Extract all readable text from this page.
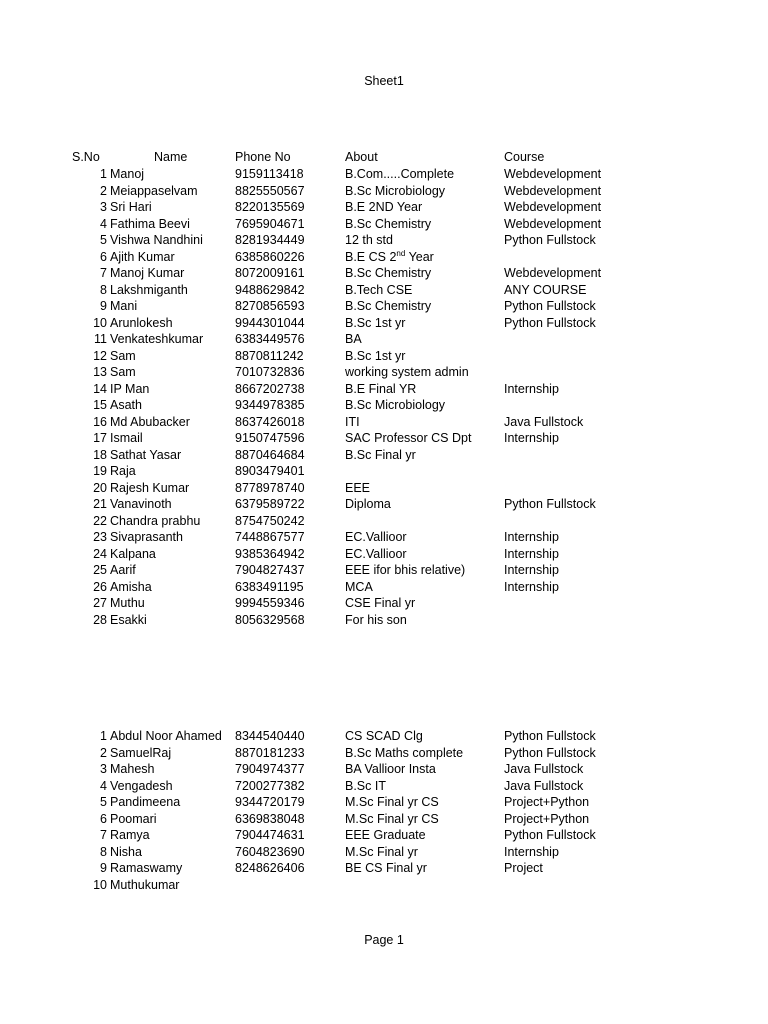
Sheet1
S.No	Name	Phone No	About	Course
1 Manoj	9159113418	B.Com.....Complete	Webdevelopment
2 Meiappaselvam	8825550567	B.Sc Microbiology	Webdevelopment
3 Sri Hari	8220135569	B.E 2ND Year	Webdevelopment
4 Fathima Beevi	7695904671	B.Sc Chemistry	Webdevelopment
5 Vishwa Nandhini	8281934449	12 th std	Python Fullstock
6 Ajith Kumar	6385860226	B.E CS 2nd Year
7 Manoj Kumar	8072009161	B.Sc Chemistry	Webdevelopment
8 Lakshmiganth	9488629842	B.Tech CSE	ANY COURSE
9 Mani	8270856593	B.Sc Chemistry	Python Fullstock
10 Arunlokesh	9944301044	B.Sc 1st yr	Python Fullstock
11 Venkateshkumar	6383449576	BA
12 Sam	8870811242	B.Sc 1st yr
13 Sam	7010732836	working system admin
14 IP Man	8667202738	B.E Final YR	Internship
15 Asath	9344978385	B.Sc Microbiology
16 Md Abubacker	8637426018	ITI	Java Fullstock
17 Ismail	9150747596	SAC Professor CS Dpt	Internship
18 Sathat Yasar	8870464684	B.Sc Final yr
19 Raja	8903479401
20 Rajesh Kumar	8778978740	EEE
21 Vanavinoth	6379589722	Diploma	Python Fullstock
22 Chandra prabhu	8754750242
23 Sivaprasanth	7448867577	EC.Vallioor	Internship
24 Kalpana	9385364942	EC.Vallioor	Internship
25 Aarif	7904827437	EEE ifor bhis relative)	Internship
26 Amisha	6383491195	MCA	Internship
27 Muthu	9994559346	CSE Final yr
28 Esakki	8056329568	For his son
1 Abdul Noor Ahamed 8344540440	CS SCAD Clg	Python Fullstock
2 SamuelRaj	8870181233	B.Sc Maths complete	Python Fullstock
3 Mahesh	7904974377	BA Vallioor Insta	Java Fullstock
4 Vengadesh	7200277382	B.Sc IT	Java Fullstock
5 Pandimeena	9344720179	M.Sc Final yr CS	Project+Python
6 Poomari	6369838048	M.Sc Final yr CS	Project+Python
7 Ramya	7904474631	EEE Graduate	Python Fullstock
8 Nisha	7604823690	M.Sc Final yr	Internship
9 Ramaswamy	8248626406	BE CS Final yr	Project
10 Muthukumar
Page 1
